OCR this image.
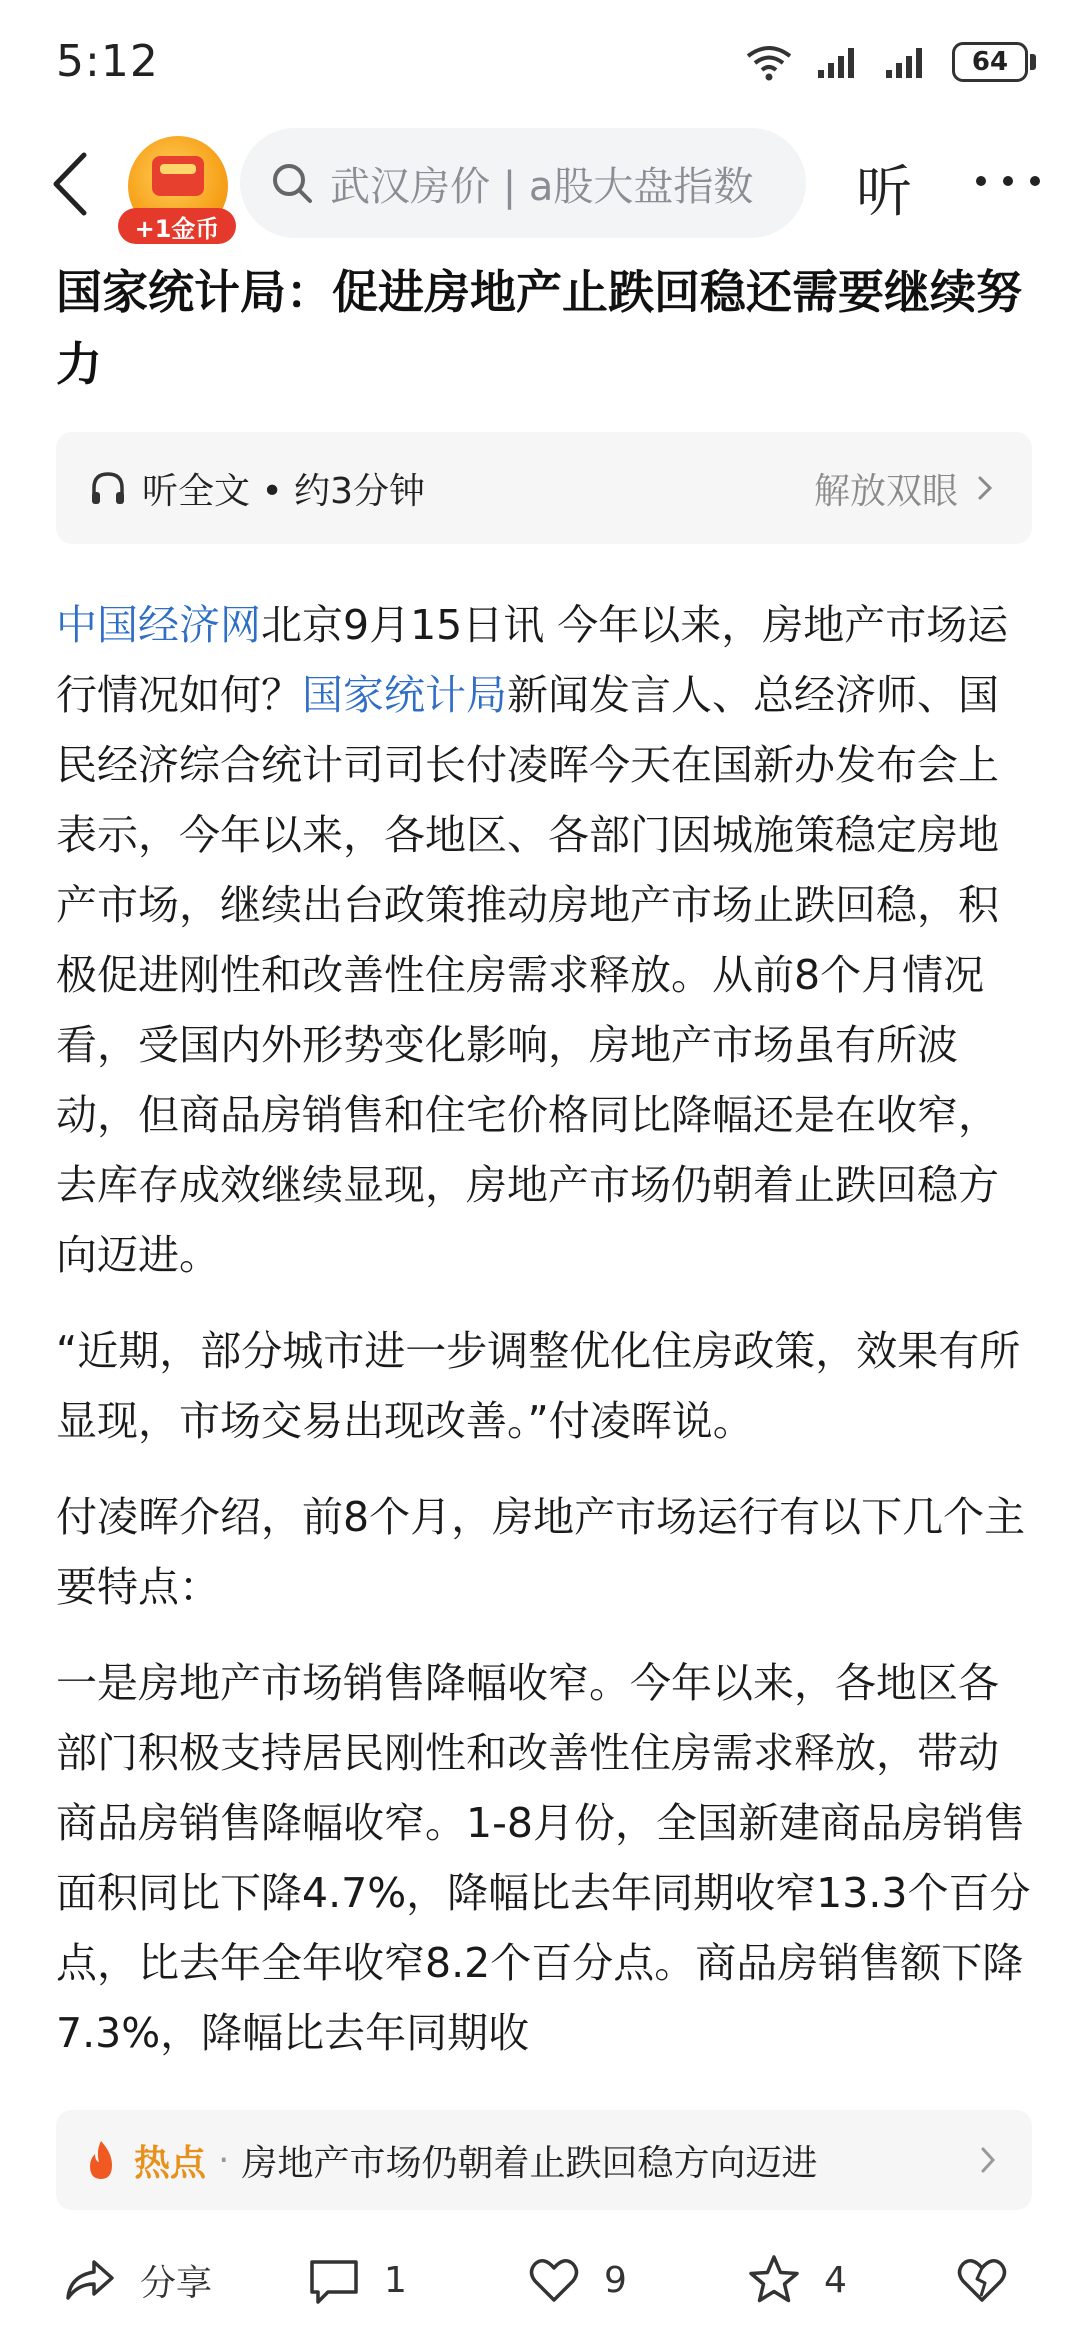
5:12	64
+1金币
武汉房价 | a股大盘指数 听
国家统计局：促进房地产止跌回稳还需要继续努力
听全文 • 约3分钟	解放双眼

中国经济网北京9月15日讯 今年以来，房地产市场运行情况如何？国家统计局新闻发言人、总经济师、国民经济综合统计司司长付凌晖今天在国新办发布会上表示，今年以来，各地区、各部门因城施策稳定房地产市场，继续出台政策推动房地产市场止跌回稳，积极促进刚性和改善性住房需求释放。从前8个月情况看，受国内外形势变化影响，房地产市场虽有所波动，但商品房销售和住宅价格同比降幅还是在收窄，去库存成效继续显现，房地产市场仍朝着止跌回稳方向迈进。

“近期，部分城市进一步调整优化住房政策，效果有所显现，市场交易出现改善。”付凌晖说。

付凌晖介绍，前8个月，房地产市场运行有以下几个主要特点：

一是房地产市场销售降幅收窄。今年以来，各地区各部门积极支持居民刚性和改善性住房需求释放，带动商品房销售降幅收窄。1-8月份，全国新建商品房销售面积同比下降4.7%，降幅比去年同期收窄13.3个百分点，比去年全年收窄8.2个百分点。商品房销售额下降7.3%，降幅比去年同期收

热点 · 房地产市场仍朝着止跌回稳方向迈进
分享	1	9	4
